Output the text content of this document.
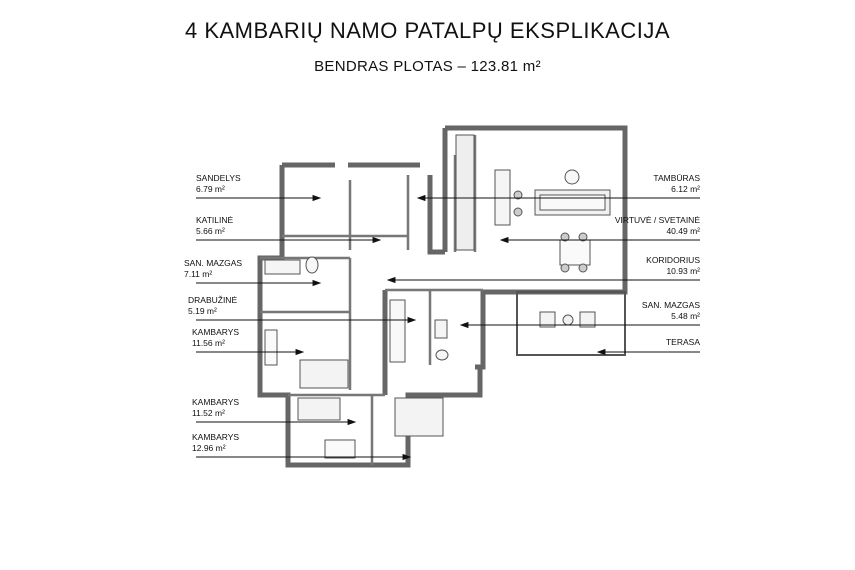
4 KAMBARIŲ NAMO PATALPŲ EKSPLIKACIJA
BENDRAS PLOTAS – 123.81 m²
SANDELYS
6.79 m²
KATILINĖ
5.66 m²
SAN. MAZGAS
7.11 m²
DRABUŽINĖ
5.19 m²
KAMBARYS
11.56 m²
KAMBARYS
11.52 m²
KAMBARYS
12.96 m²
TAMBŪRAS
6.12 m²
VIRTUVĖ / SVETAINĖ
40.49 m²
KORIDORIUS
10.93 m²
SAN. MAZGAS
5.48 m²
TERASA
